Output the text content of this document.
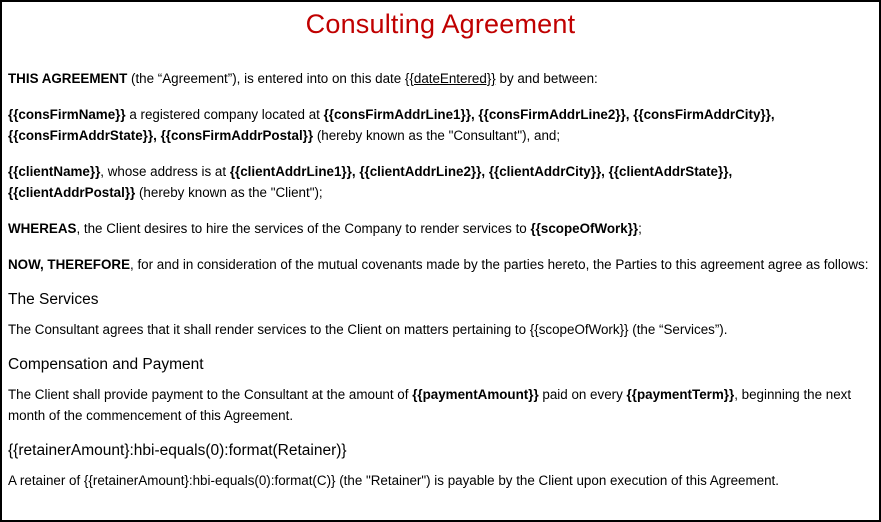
Consulting Agreement

THIS AGREEMENT (the “Agreement”), is entered into on this date {{dateEntered}} by and between:

{{consFirmName}} a registered company located at {{consFirmAddrLine1}}, {{consFirmAddrLine2}}, {{consFirmAddrCity}},
{{consFirmAddrState}}, {{consFirmAddrPostal}} (hereby known as the "Consultant"), and;

{{clientName}}, whose address is at {{clientAddrLine1}}, {{clientAddrLine2}}, {{clientAddrCity}}, {{clientAddrState}},
{{clientAddrPostal}} (hereby known as the "Client");

WHEREAS, the Client desires to hire the services of the Company to render services to {{scopeOfWork}};

NOW, THEREFORE, for and in consideration of the mutual covenants made by the parties hereto, the Parties to this agreement agree as follows:

The Services

The Consultant agrees that it shall render services to the Client on matters pertaining to {{scopeOfWork}} (the “Services”).

Compensation and Payment

The Client shall provide payment to the Consultant at the amount of {{paymentAmount}} paid on every {{paymentTerm}}, beginning the next month of the commencement of this Agreement.

{{retainerAmount}:hbi-equals(0):format(Retainer)}

A retainer of {{retainerAmount}:hbi-equals(0):format(C)} (the "Retainer") is payable by the Client upon execution of this Agreement.
